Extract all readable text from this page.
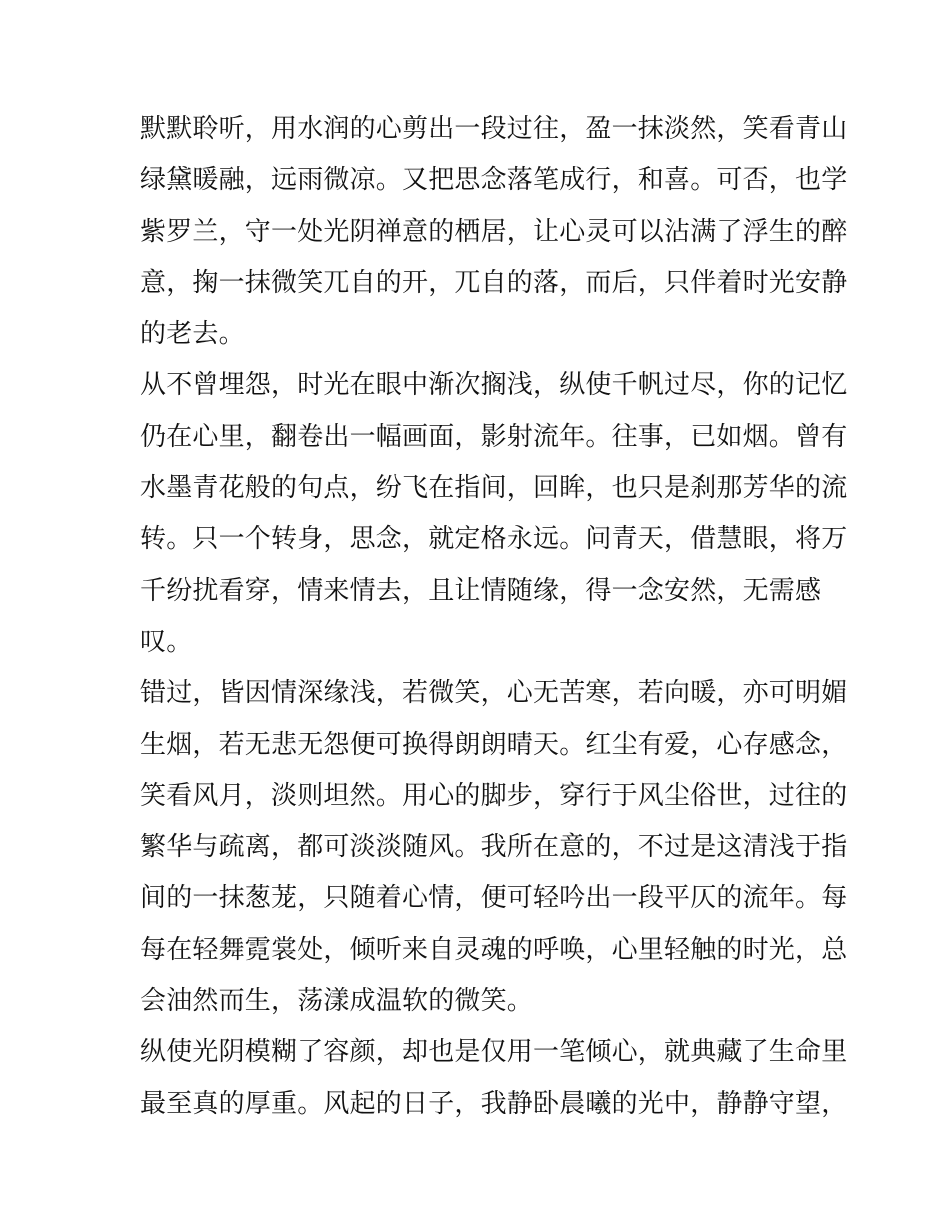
默默聆听，用水润的心剪出一段过往，盈一抹淡然，笑看青山
绿黛暖融，远雨微凉。又把思念落笔成行，和喜。可否，也学
紫罗兰，守一处光阴禅意的栖居，让心灵可以沾满了浮生的醉
意，掬一抹微笑兀自的开，兀自的落，而后，只伴着时光安静
的老去。
从不曾埋怨，时光在眼中渐次搁浅，纵使千帆过尽，你的记忆
仍在心里，翻卷出一幅画面，影射流年。往事，已如烟。曾有
水墨青花般的句点，纷飞在指间，回眸，也只是刹那芳华的流
转。只一个转身，思念，就定格永远。问青天，借慧眼，将万
千纷扰看穿，情来情去，且让情随缘，得一念安然，无需感
叹。
错过，皆因情深缘浅，若微笑，心无苦寒，若向暖，亦可明媚
生烟，若无悲无怨便可换得朗朗晴天。红尘有爱，心存感念，
笑看风月，淡则坦然。用心的脚步，穿行于风尘俗世，过往的
繁华与疏离，都可淡淡随风。我所在意的，不过是这清浅于指
间的一抹葱茏，只随着心情，便可轻吟出一段平仄的流年。每
每在轻舞霓裳处，倾听来自灵魂的呼唤，心里轻触的时光，总
会油然而生，荡漾成温软的微笑。
纵使光阴模糊了容颜，却也是仅用一笔倾心，就典藏了生命里
最至真的厚重。风起的日子，我静卧晨曦的光中，静静守望，
